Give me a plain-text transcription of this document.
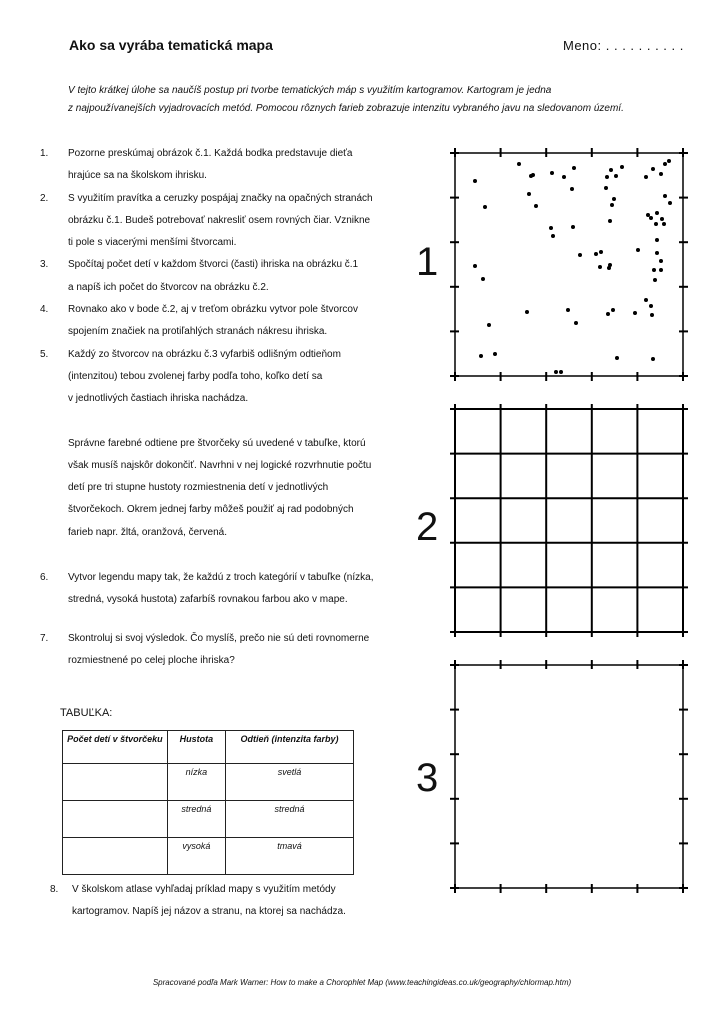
Ako sa vyrába tematická mapa	Meno: . . . . . . . . . .
V tejto krátkej úlohe sa naučíš postup pri tvorbe tematických máp s využitím kartogramov. Kartogram je jedna
z najpoužívanejších vyjadrovacích metód. Pomocou rôznych farieb zobrazuje intenzitu vybraného javu na sledovanom území.
1.	Pozorne preskúmaj obrázok č.1. Každá bodka predstavuje dieťa
hrajúce sa na školskom ihrisku.
2.	S využitím pravítka a ceruzky pospájaj značky na opačných stranách
obrázku č.1. Budeš potrebovať nakresliť osem rovných čiar. Vznikne
ti pole s viacerými menšími štvorcami.
3.	Spočítaj počet detí v každom štvorci (časti) ihriska na obrázku č.1
a napíš ich počet do štvorcov na obrázku č.2.
4.	Rovnako ako v bode č.2, aj v treťom obrázku vytvor pole štvorcov
spojením značiek na protiľahlých stranách nákresu ihriska.
5.	Každý zo štvorcov na obrázku č.3 vyfarbiš odlišným odtieňom
(intenzitou) tebou zvolenej farby podľa toho, koľko detí sa
v jednotlivých častiach ihriska nachádza.
Správne farebné odtiene pre štvorčeky sú uvedené v tabuľke, ktorú
však musíš najskôr dokončiť. Navrhni v nej logické rozvrhnutie počtu
detí pre tri stupne hustoty rozmiestnenia detí v jednotlivých
štvorčekoch. Okrem jednej farby môžeš použiť aj rad podobných
farieb napr. žltá, oranžová, červená.
6.	Vytvor legendu mapy tak, že každú z troch kategórií v tabuľke (nízka,
stredná, vysoká hustota) zafarbíš rovnakou farbou ako v mape.
7.	Skontroluj si svoj výsledok. Čo myslíš, prečo nie sú deti rovnomerne
rozmiestnené po celej ploche ihriska?
TABUĽKA:
Počet detí v štvorčeku	Hustota	Odtieň (intenzita farby)
	nízka	svetlá
	stredná	stredná
	vysoká	tmavá
8.	V školskom atlase vyhľadaj príklad mapy s využitím metódy
kartogramov. Napíš jej názov a stranu, na ktorej sa nachádza.
1
2
3
Spracované podľa Mark Warner: How to make a Chorophlet Map (www.teachingideas.co.uk/geography/chlormap.htm)
